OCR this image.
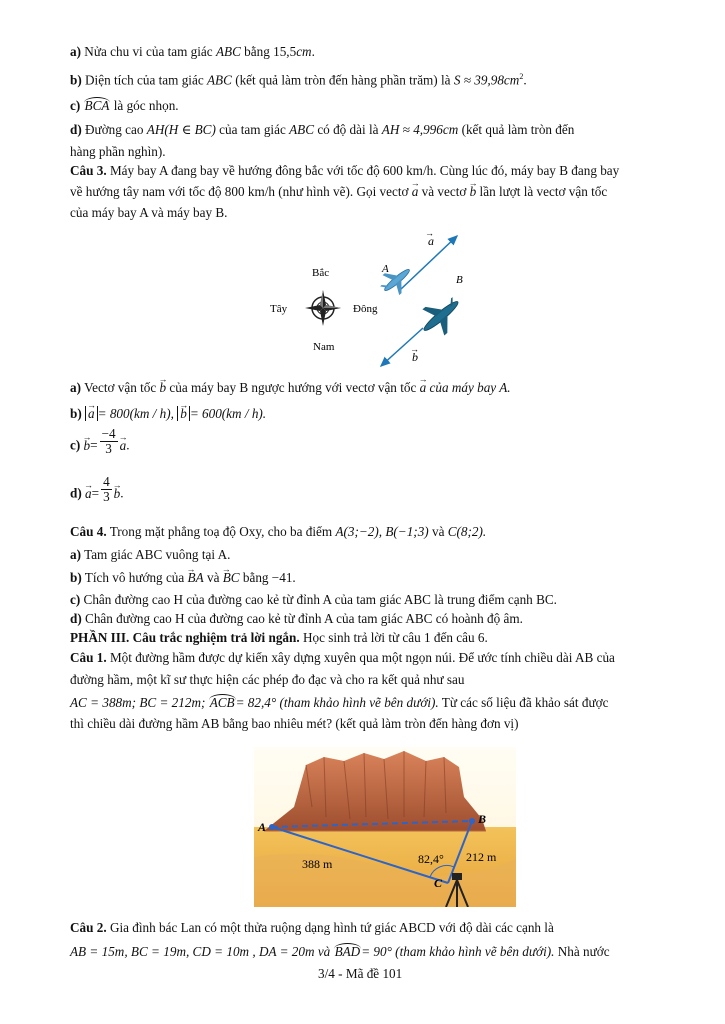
a) Nửa chu vi của tam giác ABC bằng 15,5cm.
b) Diện tích của tam giác ABC (kết quả làm tròn đến hàng phần trăm) là $S \approx 39,98cm^2$.
c) BCA là góc nhọn.
d) Đường cao AH(H ∈ BC) của tam giác ABC có độ dài là AH ≈ 4,996cm (kết quả làm tròn đến
hàng phần nghìn).
Câu 3. Máy bay A đang bay về hướng đông bắc với tốc độ 600 km/h. Cùng lúc đó, máy bay B đang bay
về hướng tây nam với tốc độ 800 km/h (như hình vẽ). Gọi vectơ → a và vectơ → b lần lượt là vectơ vận tốc
của máy bay A và máy bay B.
Bắc
Nam
Tây	Đông
a
→
A
B
b
→
a) Vectơ vận tốc → b của máy bay B ngược hướng với vectơ vận tốc → a của máy bay A.
b) → a = 800(km / h), → b = 600(km / h).
$c) \to b= \frac{-4}{3}$
→ a.
$d) \to a= \frac{4}{3}$
→ b.
Câu 4. Trong mặt phẳng toạ độ Oxy, cho ba điểm A(3;−2), B(−1;3) và C(8;2).
a) Tam giác ABC vuông tại A.
b) Tích vô hướng của → BA và → BC bằng −41.
c) Chân đường cao H của đường cao kẻ từ đỉnh A của tam giác ABC là trung điểm cạnh BC.
d) Chân đường cao H của đường cao kẻ từ đỉnh A của tam giác ABC có hoành độ âm.
PHẦN III. Câu trắc nghiệm trả lời ngắn. Học sinh trả lời từ câu 1 đến câu 6.
Câu 1. Một đường hầm được dự kiến xây dựng xuyên qua một ngọn núi. Để ước tính chiều dài AB của
đường hầm, một kĩ sư thực hiện các phép đo đạc và cho ra kết quả như sau
AC = 388m; BC = 212m; ACB= 82,4° (tham khảo hình vẽ bên dưới). Từ các số liệu đã khảo sát được
thì chiều dài đường hầm AB bằng bao nhiêu mét? (kết quả làm tròn đến hàng đơn vị)
A
B
C
388 m	212 m
82,4°
Câu 2. Gia đình bác Lan có một thửa ruộng dạng hình tứ giác ABCD với độ dài các cạnh là
AB = 15m, BC = 19m, CD = 10m , DA = 20m và BAD= 90° (tham khảo hình vẽ bên dưới). Nhà nước
3/4 - Mã đề 101
